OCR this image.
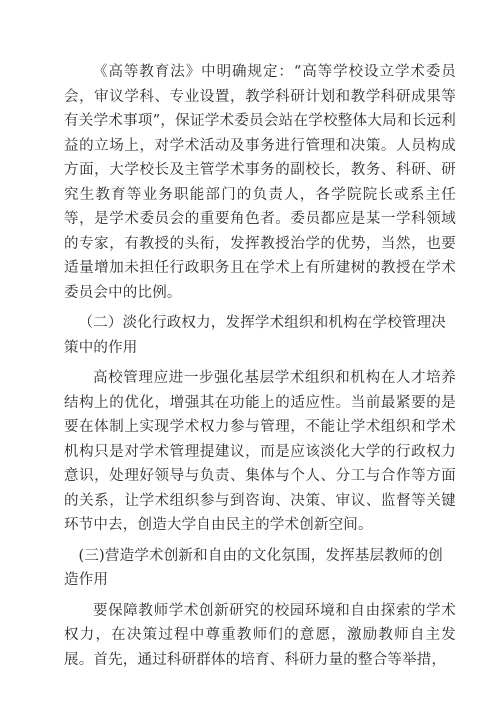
《高等教育法》中明确规定：“高等学校设立学术委员会，审议学科、专业设置，教学科研计划和教学科研成果等有关学术事项”，保证学术委员会站在学校整体大局和长远利益的立场上，对学术活动及事务进行管理和决策。人员构成方面，大学校长及主管学术事务的副校长，教务、科研、研究生教育等业务职能部门的负责人，各学院院长或系主任等，是学术委员会的重要角色者。委员都应是某一学科领域的专家，有教授的头衔，发挥教授治学的优势，当然，也要适量增加未担任行政职务且在学术上有所建树的教授在学术委员会中的比例。

（二）淡化行政权力，发挥学术组织和机构在学校管理决策中的作用

高校管理应进一步强化基层学术组织和机构在人才培养结构上的优化，增强其在功能上的适应性。当前最紧要的是要在体制上实现学术权力参与管理，不能让学术组织和学术机构只是对学术管理提建议，而是应该淡化大学的行政权力意识，处理好领导与负责、集体与个人、分工与合作等方面的关系，让学术组织参与到咨询、决策、审议、监督等关键环节中去，创造大学自由民主的学术创新空间。

(三)营造学术创新和自由的文化氛围，发挥基层教师的创造作用

要保障教师学术创新研究的校园环境和自由探索的学术权力，在决策过程中尊重教师们的意愿，激励教师自主发展。首先，通过科研群体的培育、科研力量的整合等举措，
